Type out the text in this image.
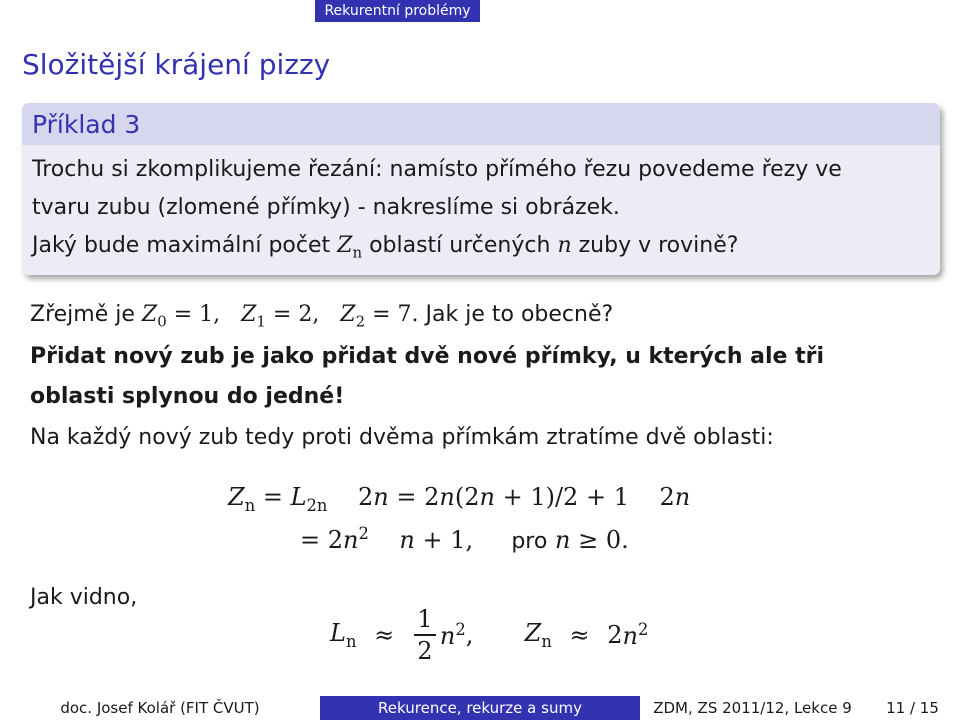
Rekurentní problémy
Složitější krájení pizzy
Příklad 3
Trochu si zkomplikujeme řezání: namísto přímého řezu povedeme řezy ve
tvaru zubu (zlomené přímky) - nakreslíme si obrázek.
Jaký bude maximální počet $Z_n$ oblastí určených n zuby v rovině?
Zřejmě je $Z_0 = 1$,   $Z_1 = 2$,   $Z_2 = 7$. Jak je to obecně?
Přidat nový zub je jako přidat dvě nové přímky, u kterých ale tři
oblasti splynou do jedné!
Na každý nový zub tedy proti dvěma přímkám ztratíme dvě oblasti:
$Z_n = L_{2n}$ 2n = 2n(2n + 1)/2 + 1    2n
= $2n^2$ n + 1, pro n ≥ 0.
Jak vidno,
$L_n \approx \frac{1}{2} n^2$, $Z_n \approx 2n^2$
doc. Josef Kolář (FIT ČVUT)	Rekurence, rekurze a sumy	ZDM, ZS 2011/12, Lekce 9	11 / 15
